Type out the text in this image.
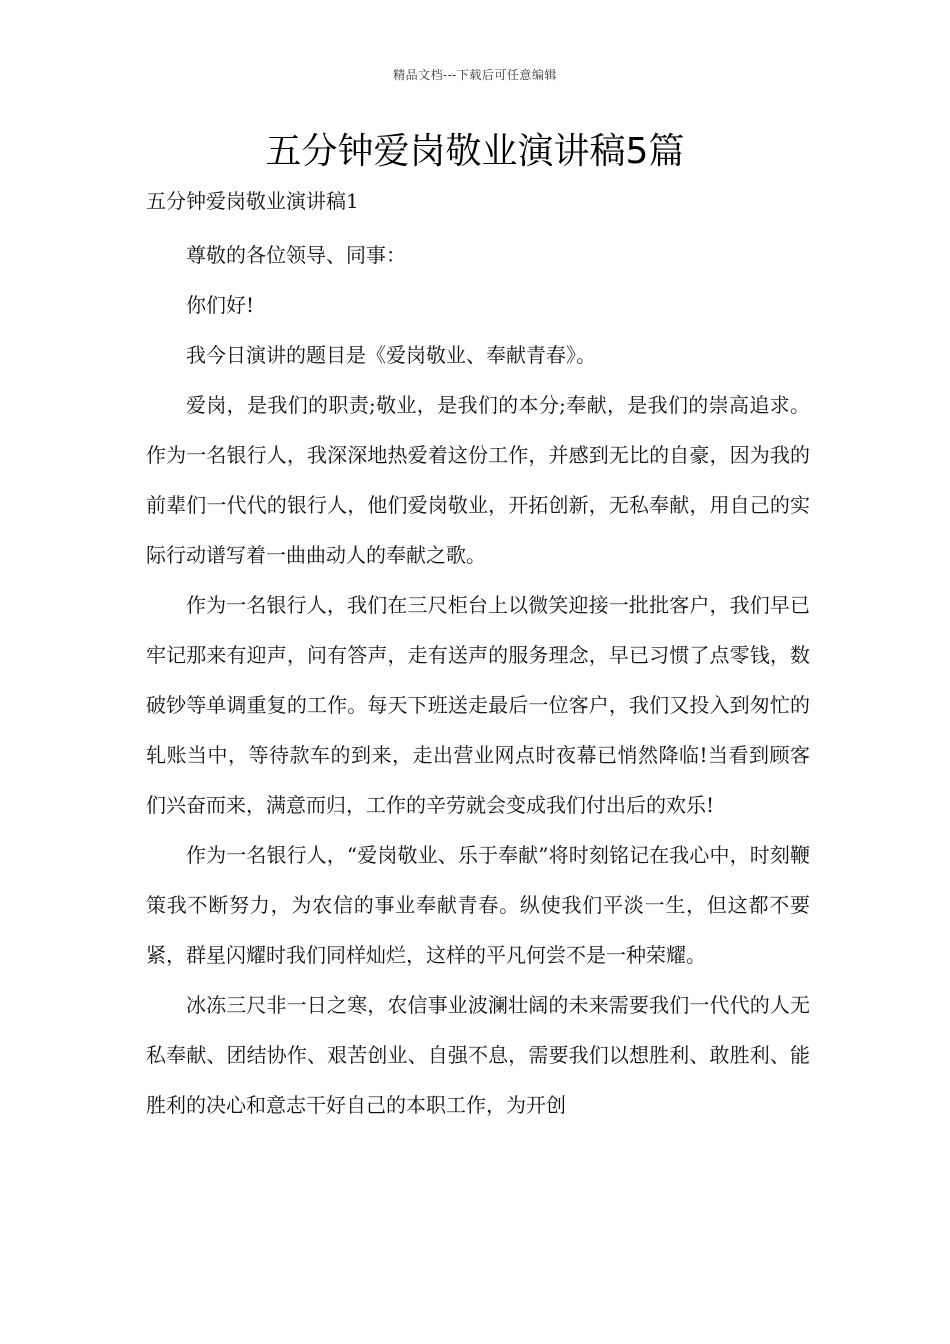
精品文档---下载后可任意编辑
五分钟爱岗敬业演讲稿5篇
五分钟爱岗敬业演讲稿1

尊敬的各位领导、同事：

你们好!

我今日演讲的题目是《爱岗敬业、奉献青春》。

爱岗，是我们的职责;敬业，是我们的本分;奉献，是我们的崇高追求。作为一名银行人，我深深地热爱着这份工作，并感到无比的自豪，因为我的前辈们一代代的银行人，他们爱岗敬业，开拓创新，无私奉献，用自己的实际行动谱写着一曲曲动人的奉献之歌。

作为一名银行人，我们在三尺柜台上以微笑迎接一批批客户，我们早已牢记那来有迎声，问有答声，走有送声的服务理念，早已习惯了点零钱，数破钞等单调重复的工作。每天下班送走最后一位客户，我们又投入到匆忙的轧账当中，等待款车的到来，走出营业网点时夜幕已悄然降临!当看到顾客们兴奋而来，满意而归，工作的辛劳就会变成我们付出后的欢乐!

作为一名银行人，“爱岗敬业、乐于奉献”将时刻铭记在我心中，时刻鞭策我不断努力，为农信的事业奉献青春。纵使我们平淡一生，但这都不要紧，群星闪耀时我们同样灿烂，这样的平凡何尝不是一种荣耀。

冰冻三尺非一日之寒，农信事业波澜壮阔的未来需要我们一代代的人无私奉献、团结协作、艰苦创业、自强不息，需要我们以想胜利、敢胜利、能胜利的决心和意志干好自己的本职工作，为开创
